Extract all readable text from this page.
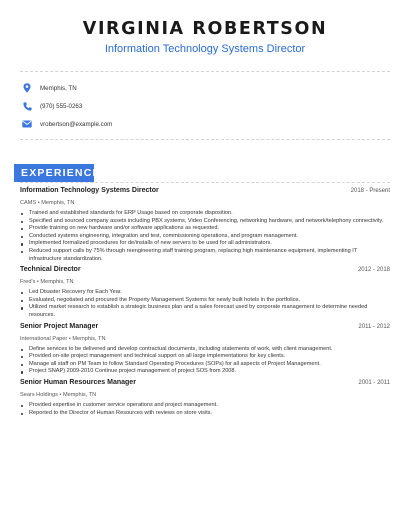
VIRGINIA ROBERTSON
Information Technology Systems Director
Memphis, TN
(970) 555-0263
vrobertson@example.com
EXPERIENCE
Information Technology Systems Director	2018 - Present
CAMS • Memphis, TN
Trained and established standards for ERP Usage based on corporate disposition.
Specified and sourced company assets including PBX systems, Video Conferencing, networking hardware, and network/telephony connectivity.
Provide training on new hardware and/or software applications as requested.
Conducted systems engineering, integration and test, commissioning operations, and program management.
Implemented formalized procedures for de/installs of new servers to be used for all administrators.
Reduced support calls by 75% through reengineering staff training program, replacing high maintenance equipment, implementing IT infrastructure standardization.
Technical Director	2012 - 2018
Fred's • Memphis, TN
Led Disaster Recovery for Each Year.
Evaluated, negotiated and procured the Property Management Systems for newly built hotels in the portfolios.
Utilized market research to establish a strategic business plan and a sales forecast used by corporate management to determine needed resources.
Senior Project Manager	2011 - 2012
International Paper • Memphis, TN
Define services to be delivered and develop contractual documents, including statements of work, with client management.
Provided on-site project management and technical support on all large implementations for key clients.
Manage all staff on PM Team to follow Standard Operating Procedures (SOPs) for all aspects of Project Management.
Project SNAP) 2009-2010 Continue project management of project SOS from 2008.
Senior Human Resources Manager	2001 - 2011
Sears Holdings • Memphis, TN
Provided expertise in customer service operations and project management.
Reported to the Director of Human Resources with reviews on store visits.
